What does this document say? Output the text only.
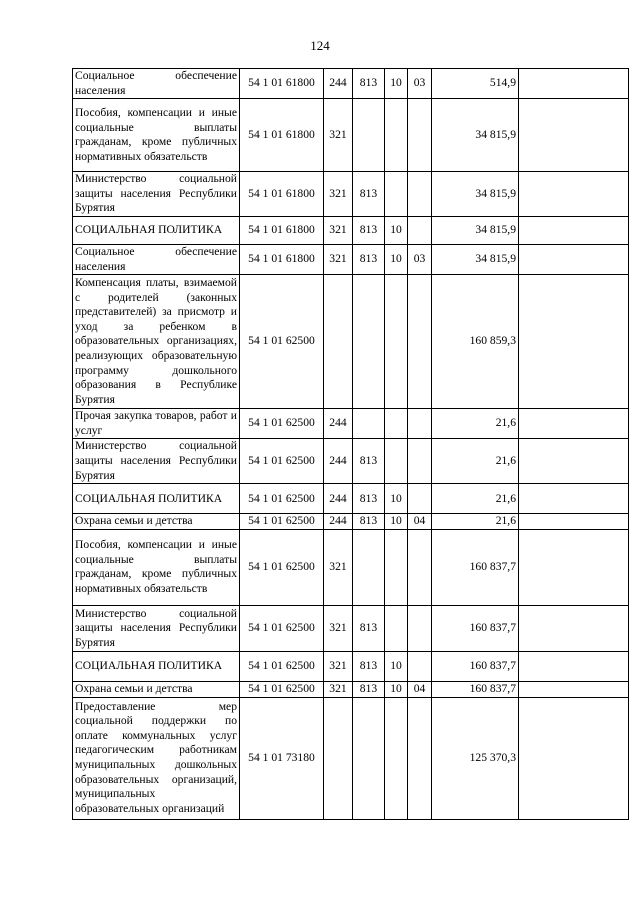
124
Социальное обеспечение населения	54 1 01 61800	244	813	10	03	514,9	
Пособия, компенсации и иные социальные выплаты гражданам, кроме публичных нормативных обязательств	54 1 01 61800	321				34 815,9	
Министерство социальной защиты населения Республики Бурятия	54 1 01 61800	321	813			34 815,9	
СОЦИАЛЬНАЯ ПОЛИТИКА	54 1 01 61800	321	813	10		34 815,9	
Социальное обеспечение населения	54 1 01 61800	321	813	10	03	34 815,9	
Компенсация платы, взимаемой с родителей (законных представителей) за присмотр и уход за ребенком в образовательных организациях, реализующих образовательную программу дошкольного образования в Республике Бурятия	54 1 01 62500					160 859,3	
Прочая закупка товаров, работ и услуг	54 1 01 62500	244				21,6	
Министерство социальной защиты населения Республики Бурятия	54 1 01 62500	244	813			21,6	
СОЦИАЛЬНАЯ ПОЛИТИКА	54 1 01 62500	244	813	10		21,6	
Охрана семьи и детства	54 1 01 62500	244	813	10	04	21,6	
Пособия, компенсации и иные социальные выплаты гражданам, кроме публичных нормативных обязательств	54 1 01 62500	321				160 837,7	
Министерство социальной защиты населения Республики Бурятия	54 1 01 62500	321	813			160 837,7	
СОЦИАЛЬНАЯ ПОЛИТИКА	54 1 01 62500	321	813	10		160 837,7	
Охрана семьи и детства	54 1 01 62500	321	813	10	04	160 837,7	
Предоставление мер социальной поддержки по оплате коммунальных услуг педагогическим работникам муниципальных дошкольных образовательных организаций, муниципальных образовательных организаций	54 1 01 73180					125 370,3	
